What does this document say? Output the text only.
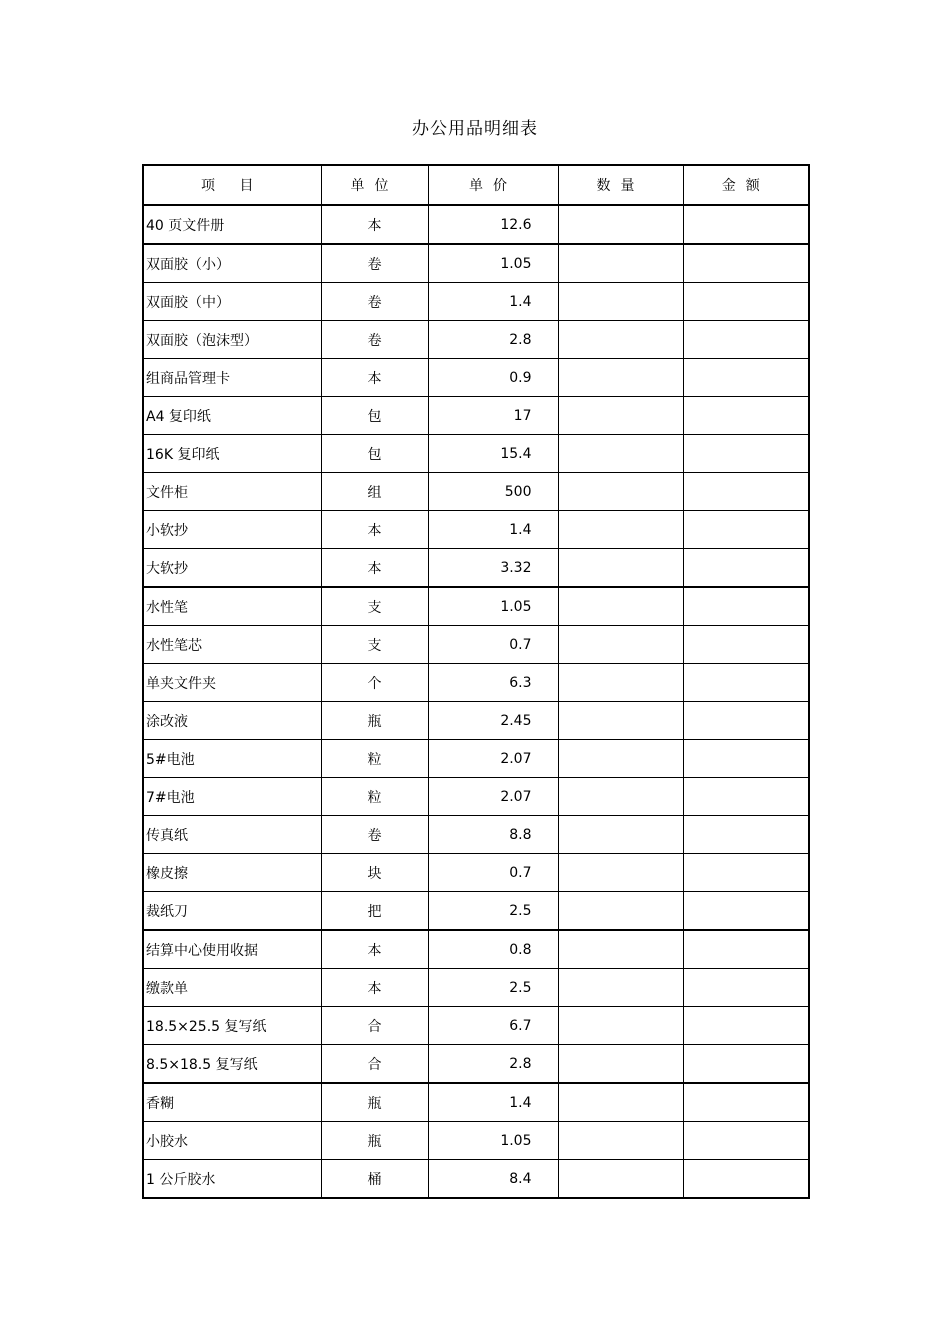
办公用品明细表
项 目	单位	单价	数量	金额
40 页文件册	本	12.6		
双面胶（小）	卷	1.05		
双面胶（中）	卷	1.4		
双面胶（泡沫型）	卷	2.8		
组商品管理卡	本	0.9		
A4 复印纸	包	17		
16K 复印纸	包	15.4		
文件柜	组	500		
小软抄	本	1.4		
大软抄	本	3.32		
水性笔	支	1.05		
水性笔芯	支	0.7		
单夹文件夹	个	6.3		
涂改液	瓶	2.45		
5#电池	粒	2.07		
7#电池	粒	2.07		
传真纸	卷	8.8		
橡皮擦	块	0.7		
裁纸刀	把	2.5		
结算中心使用收据	本	0.8		
缴款单	本	2.5		
18.5×25.5 复写纸	合	6.7		
8.5×18.5 复写纸	合	2.8		
香糊	瓶	1.4		
小胶水	瓶	1.05		
1 公斤胶水	桶	8.4		
